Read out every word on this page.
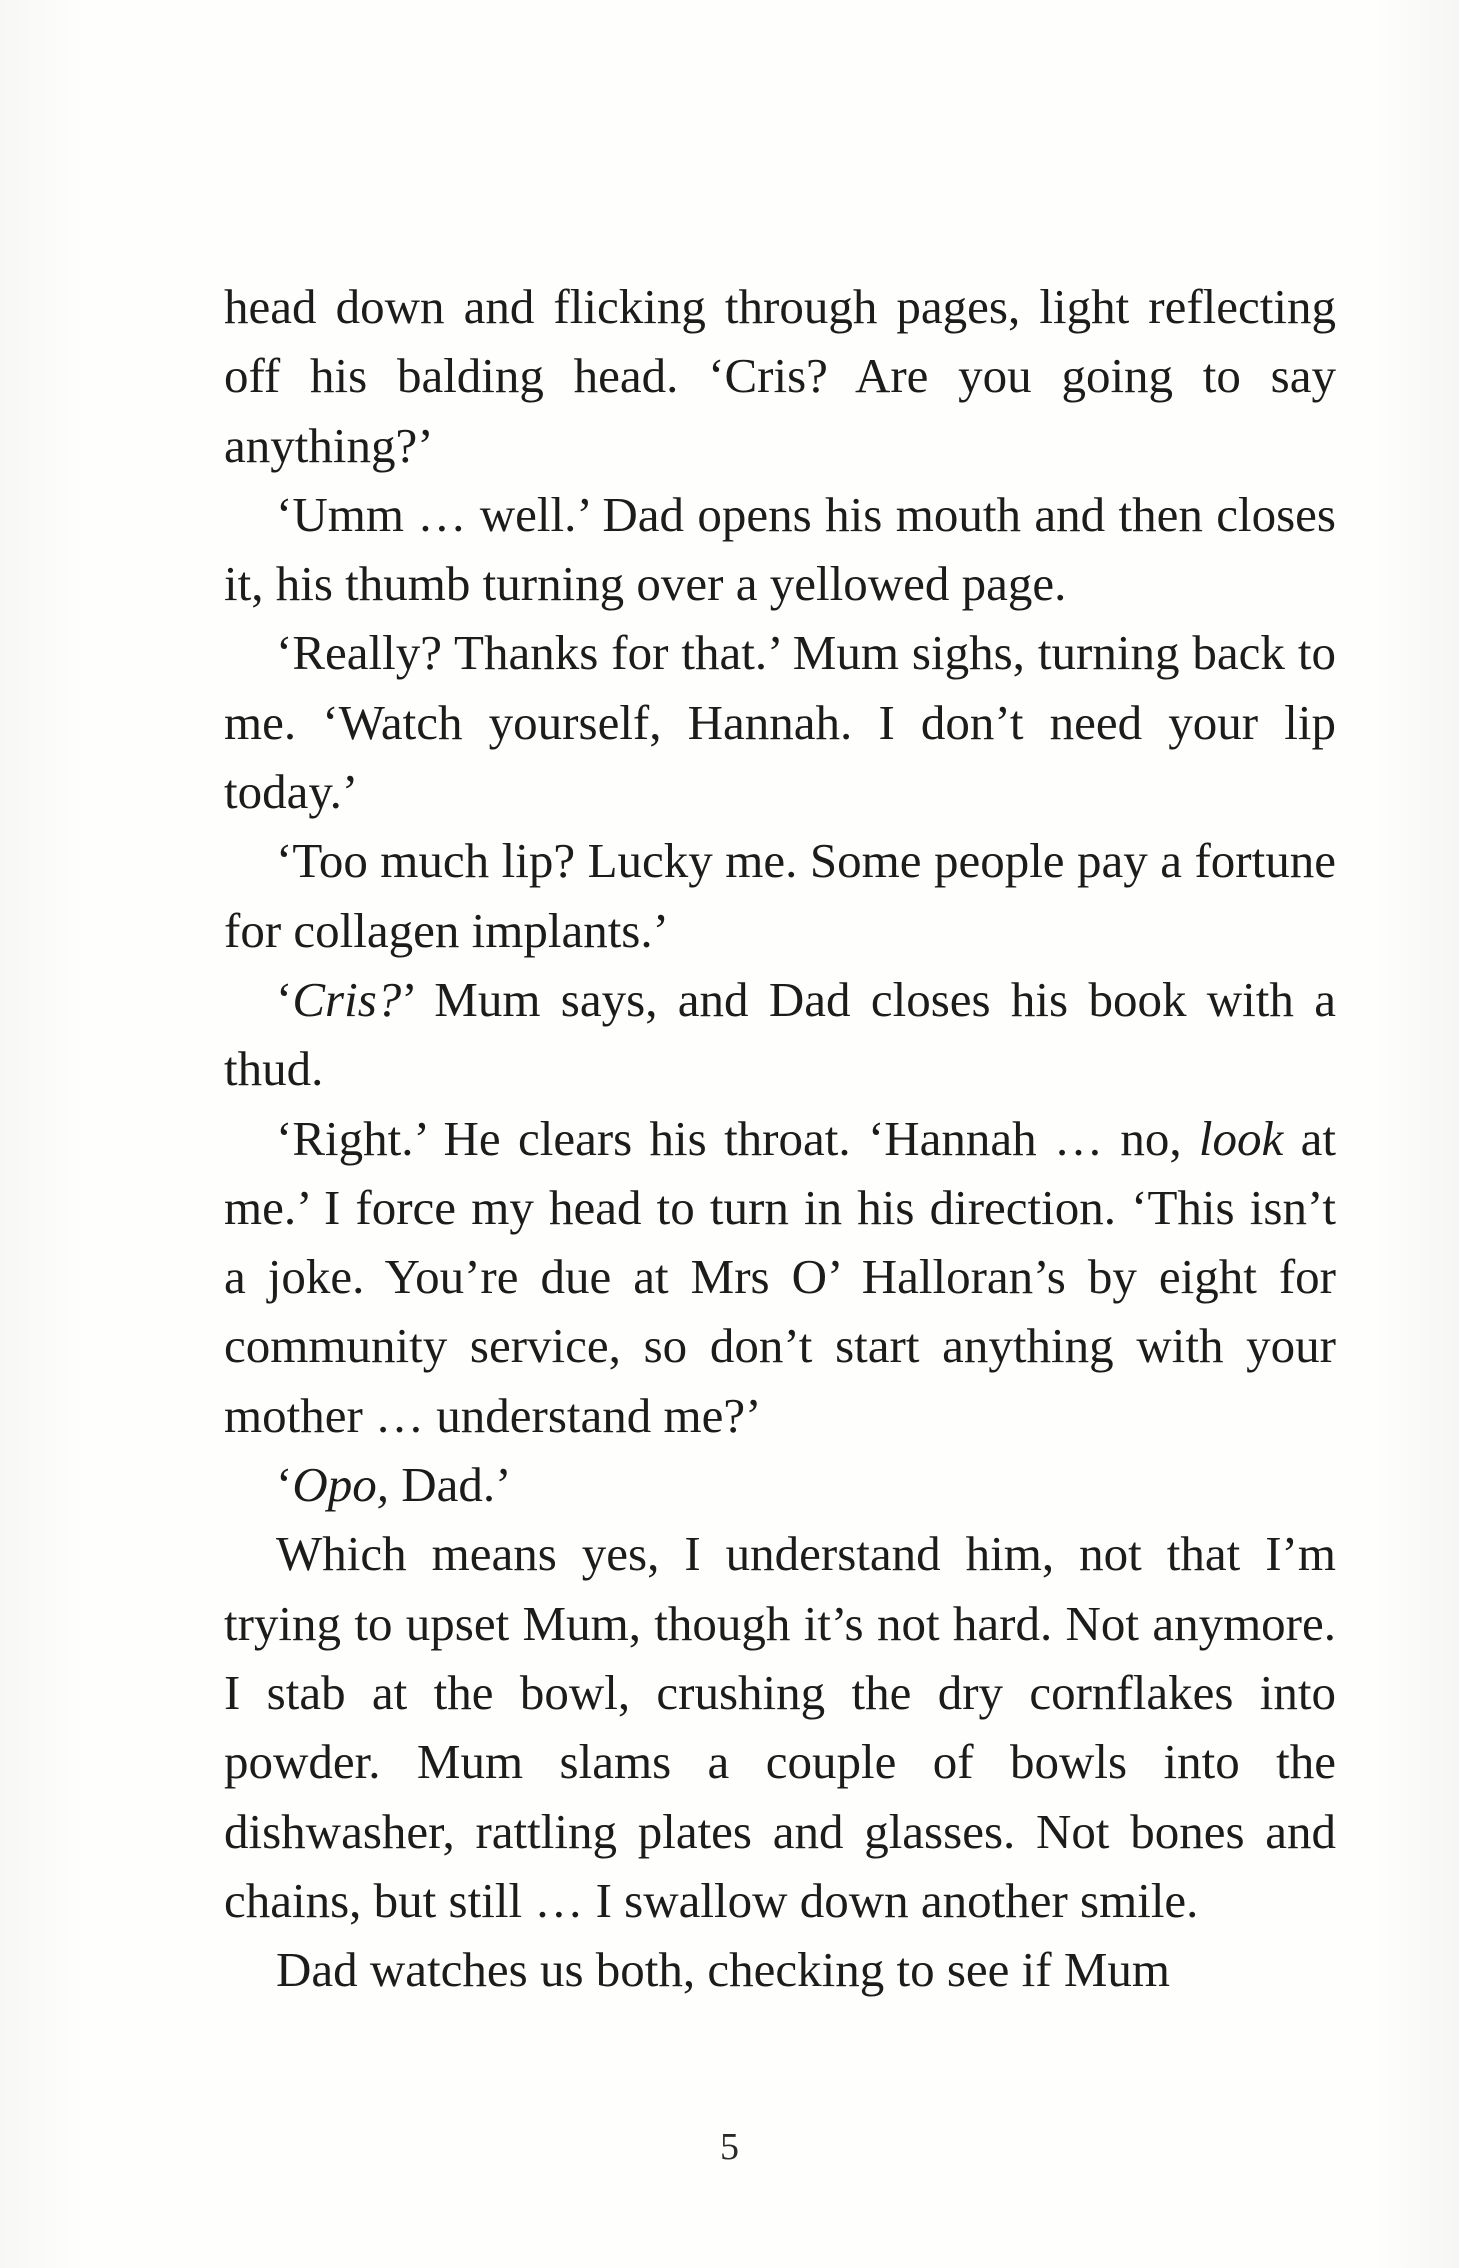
head down and flicking through pages, light reflecting off his balding head. ‘Cris? Are you going to say anything?’

‘Umm … well.’ Dad opens his mouth and then closes it, his thumb turning over a yellowed page.

‘Really? Thanks for that.’ Mum sighs, turning back to me. ‘Watch yourself, Hannah. I don’t need your lip today.’

‘Too much lip? Lucky me. Some people pay a fortune for collagen implants.’

‘Cris?’ Mum says, and Dad closes his book with a thud.

‘Right.’ He clears his throat. ‘Hannah … no, look at me.’ I force my head to turn in his direction. ‘This isn’t a joke. You’re due at Mrs O’ Halloran’s by eight for community service, so don’t start anything with your mother … understand me?’

‘Opo, Dad.’

Which means yes, I understand him, not that I’m trying to upset Mum, though it’s not hard. Not anymore. I stab at the bowl, crushing the dry cornflakes into powder. Mum slams a couple of bowls into the dishwasher, rattling plates and glasses. Not bones and chains, but still … I swallow down another smile.

Dad watches us both, checking to see if Mum

5
